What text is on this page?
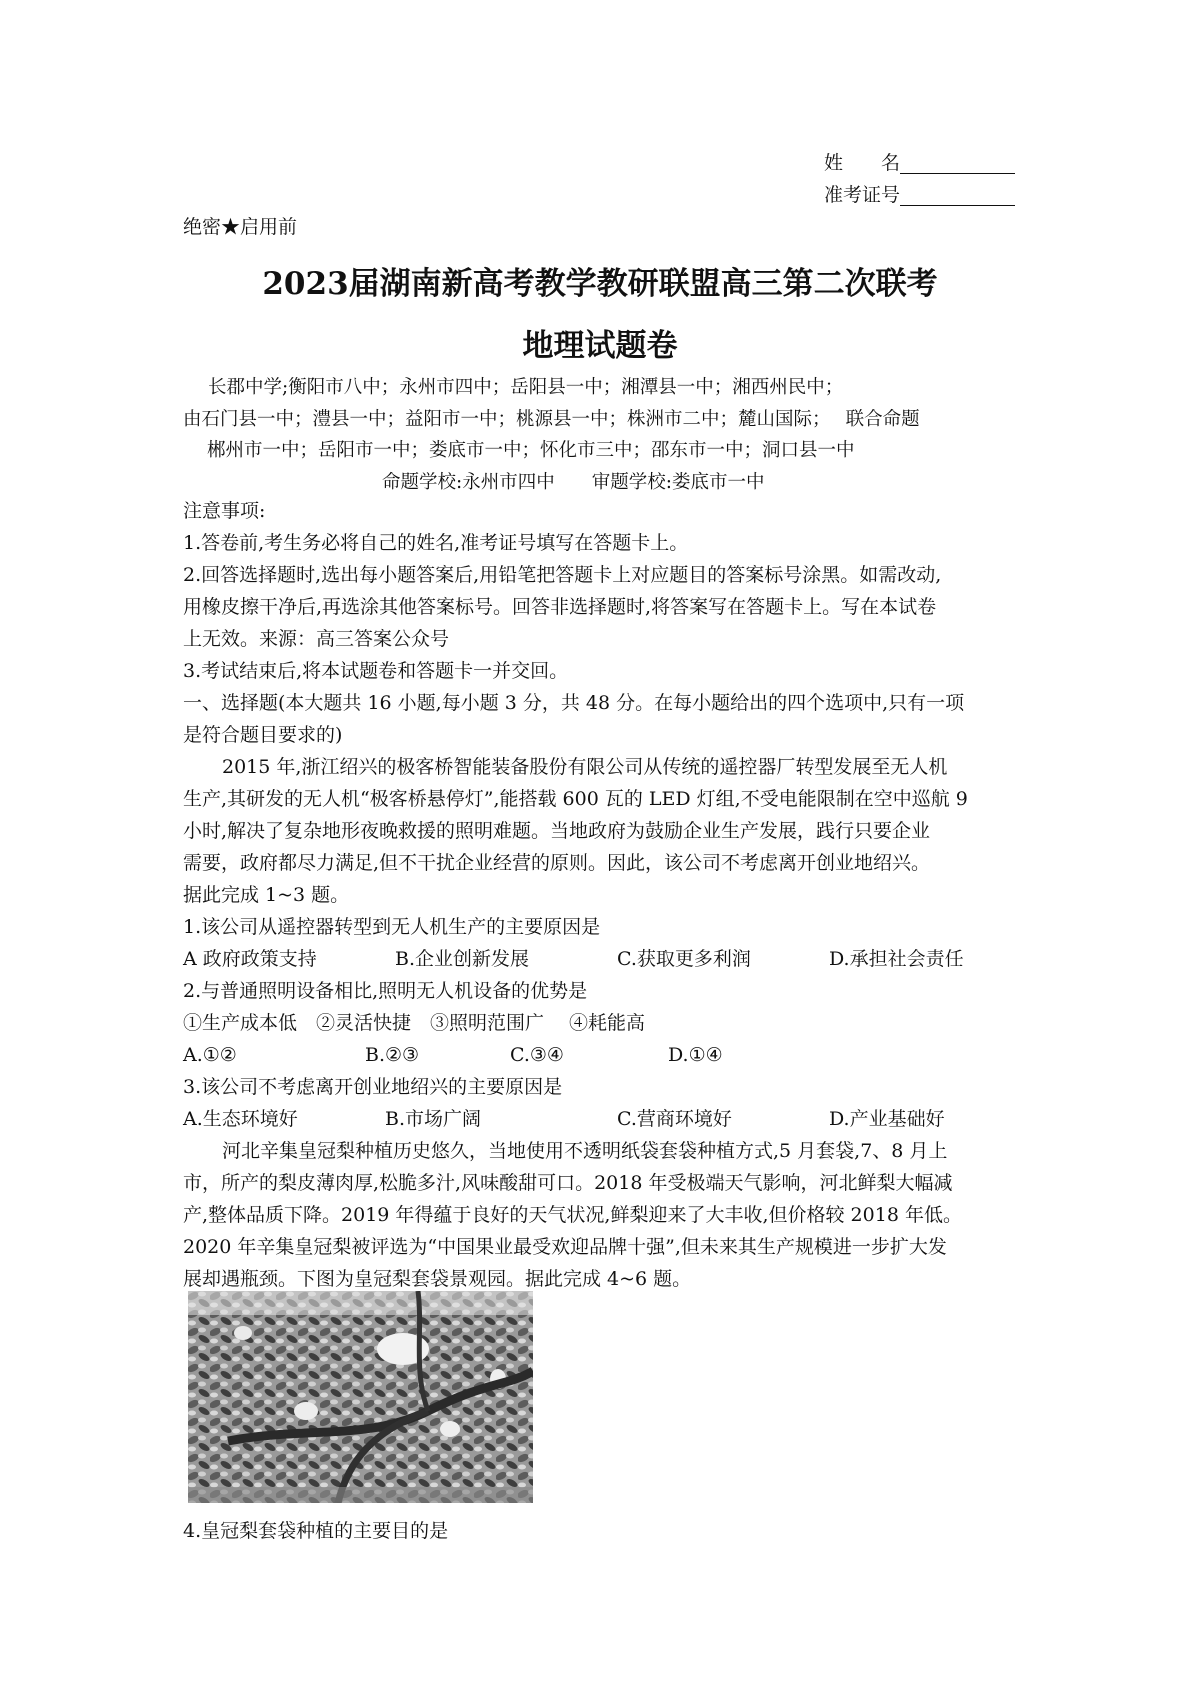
姓　　名
准考证号
绝密★启用前
2023届湖南新高考教学教研联盟高三第二次联考
地理试题卷
长郡中学;衡阳市八中；永州市四中；岳阳县一中；湘潭县一中；湘西州民中；
由石门县一中；澧县一中；益阳市一中；桃源县一中；株洲市二中；麓山国际；　 联合命题
郴州市一中；岳阳市一中；娄底市一中；怀化市三中；邵东市一中；洞口县一中
命题学校:永州市四中　　审题学校:娄底市一中
注意事项:
1.答卷前,考生务必将自己的姓名,准考证号填写在答题卡上。
2.回答选择题时,选出每小题答案后,用铅笔把答题卡上对应题目的答案标号涂黑。如需改动,
用橡皮擦干净后,再选涂其他答案标号。回答非选择题时,将答案写在答题卡上。写在本试卷
上无效。来源：高三答案公众号
3.考试结束后,将本试题卷和答题卡一并交回。
一、选择题(本大题共 16 小题,每小题 3 分，共 48 分。在每小题给出的四个选项中,只有一项
是符合题目要求的)
2015 年,浙江绍兴的极客桥智能装备股份有限公司从传统的遥控器厂转型发展至无人机
生产,其研发的无人机“极客桥悬停灯”,能搭载 600 瓦的 LED 灯组,不受电能限制在空中巡航 9
小时,解决了复杂地形夜晚救援的照明难题。当地政府为鼓励企业生产发展，践行只要企业
需要，政府都尽力满足,但不干扰企业经营的原则。因此，该公司不考虑离开创业地绍兴。
据此完成 1~3 题。
1.该公司从遥控器转型到无人机生产的主要原因是
A 政府政策支持	B.企业创新发展	C.获取更多利润	D.承担社会责任
2.与普通照明设备相比,照明无人机设备的优势是
①生产成本低　②灵活快捷　③照明范围广　 ④耗能高
A.①②	B.②③	C.③④	D.①④
3.该公司不考虑离开创业地绍兴的主要原因是
A.生态环境好	B.市场广阔	C.营商环境好	D.产业基础好
河北辛集皇冠梨种植历史悠久，当地使用不透明纸袋套袋种植方式,5 月套袋,7、8 月上
市，所产的梨皮薄肉厚,松脆多汁,风味酸甜可口。2018 年受极端天气影响，河北鲜梨大幅减
产,整体品质下降。2019 年得蕴于良好的天气状况,鲜梨迎来了大丰收,但价格较 2018 年低。
2020 年辛集皇冠梨被评选为“中国果业最受欢迎品牌十强”,但未来其生产规模进一步扩大发
展却遇瓶颈。下图为皇冠梨套袋景观园。据此完成 4~6 题。
4.皇冠梨套袋种植的主要目的是
